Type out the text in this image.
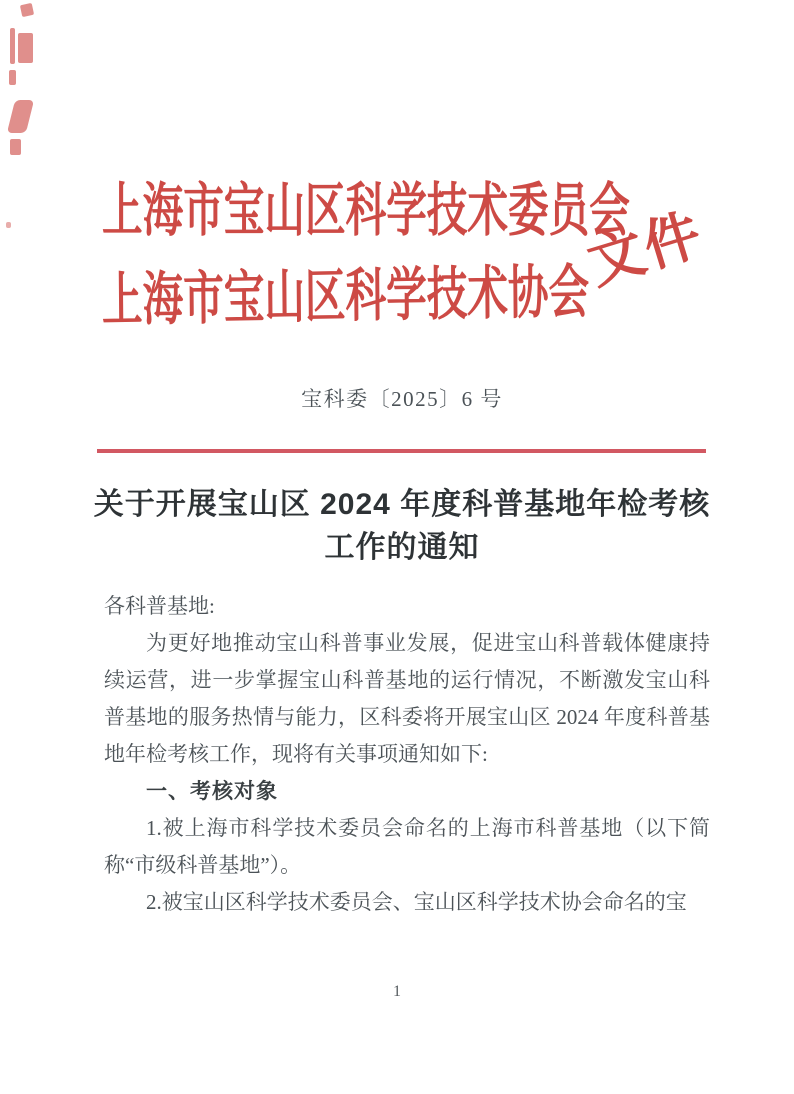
上海市宝山区科学技术委员会
上海市宝山区科学技术协会
文件
宝科委〔2025〕6 号
关于开展宝山区 2024 年度科普基地年检考核
工作的通知

各科普基地:

为更好地推动宝山科普事业发展，促进宝山科普载体健康持续运营，进一步掌握宝山科普基地的运行情况，不断激发宝山科普基地的服务热情与能力，区科委将开展宝山区 2024 年度科普基地年检考核工作，现将有关事项通知如下:

一、考核对象

1.被上海市科学技术委员会命名的上海市科普基地（以下简称“市级科普基地”）。

2.被宝山区科学技术委员会、宝山区科学技术协会命名的宝

1
